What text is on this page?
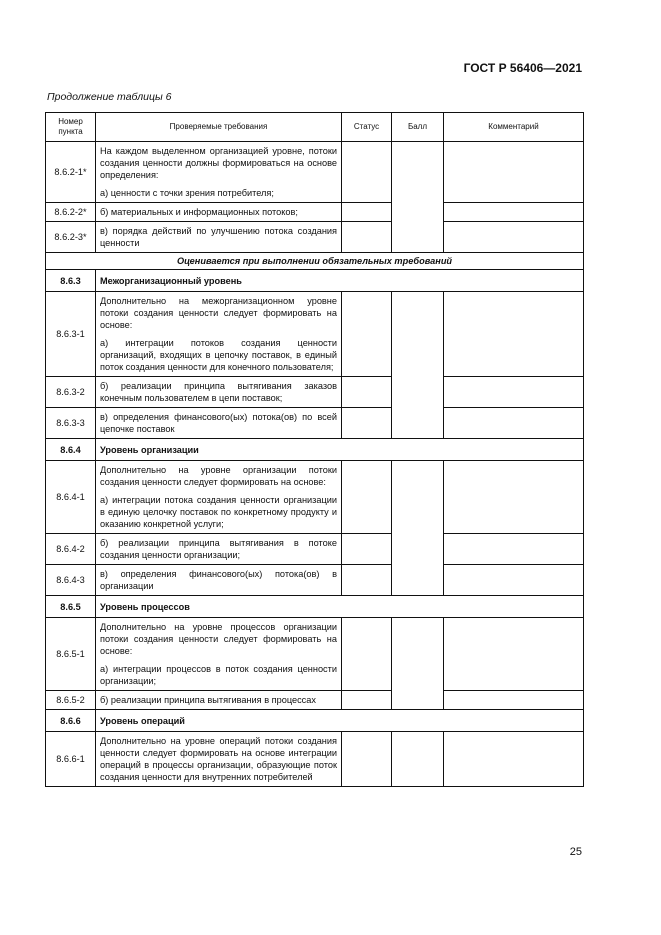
ГОСТ Р 56406—2021
Продолжение таблицы 6
Номер пункта	Проверяемые требования	Статус	Балл	Комментарий
8.6.2-1*	На каждом выделенном организацией уровне, потоки создания ценности должны формироваться на основе определения:

а) ценности с точки зрения потребителя;			

8.6.2-2*	б) материальных и информационных потоков;			
8.6.2-3*	в) порядка действий по улучшению потока создания ценности			
Оценивается при выполнении обязательных требований				
8.6.3	Межорганизационный уровень			
8.6.3-1	Дополнительно на межорганизационном уровне потоки создания ценности следует формировать на основе:

а) интеграции потоков создания ценности организаций, входящих в цепочку поставок, в единый поток создания ценности для конечного пользователя;			

8.6.3-2	б) реализации принципа вытягивания заказов конечным пользователем в цепи поставок;			
8.6.3-3	в) определения финансового(ых) потока(ов) по всей цепочке поставок			
8.6.4	Уровень организации			
8.6.4-1	Дополнительно на уровне организации потоки создания ценности следует формировать на основе:

а) интеграции потока создания ценности организации в единую целочку поставок по конкретному продукту и оказанию конкретной услуги;			

8.6.4-2	б) реализации принципа вытягивания в потоке создания ценности организации;			
8.6.4-3	в) определения финансового(ых) потока(ов) в организации			
8.6.5	Уровень процессов			
8.6.5-1	Дополнительно на уровне процессов организации потоки создания ценности следует формировать на основе:

а) интеграции процессов в поток создания ценности организации;			

8.6.5-2	б) реализации принципа вытягивания в процессах			
8.6.6	Уровень операций			
8.6.6-1	Дополнительно на уровне операций потоки создания ценности следует формировать на основе интеграции операций в процессы организации, образующие поток создания ценности для внутренних потребителей			
25
